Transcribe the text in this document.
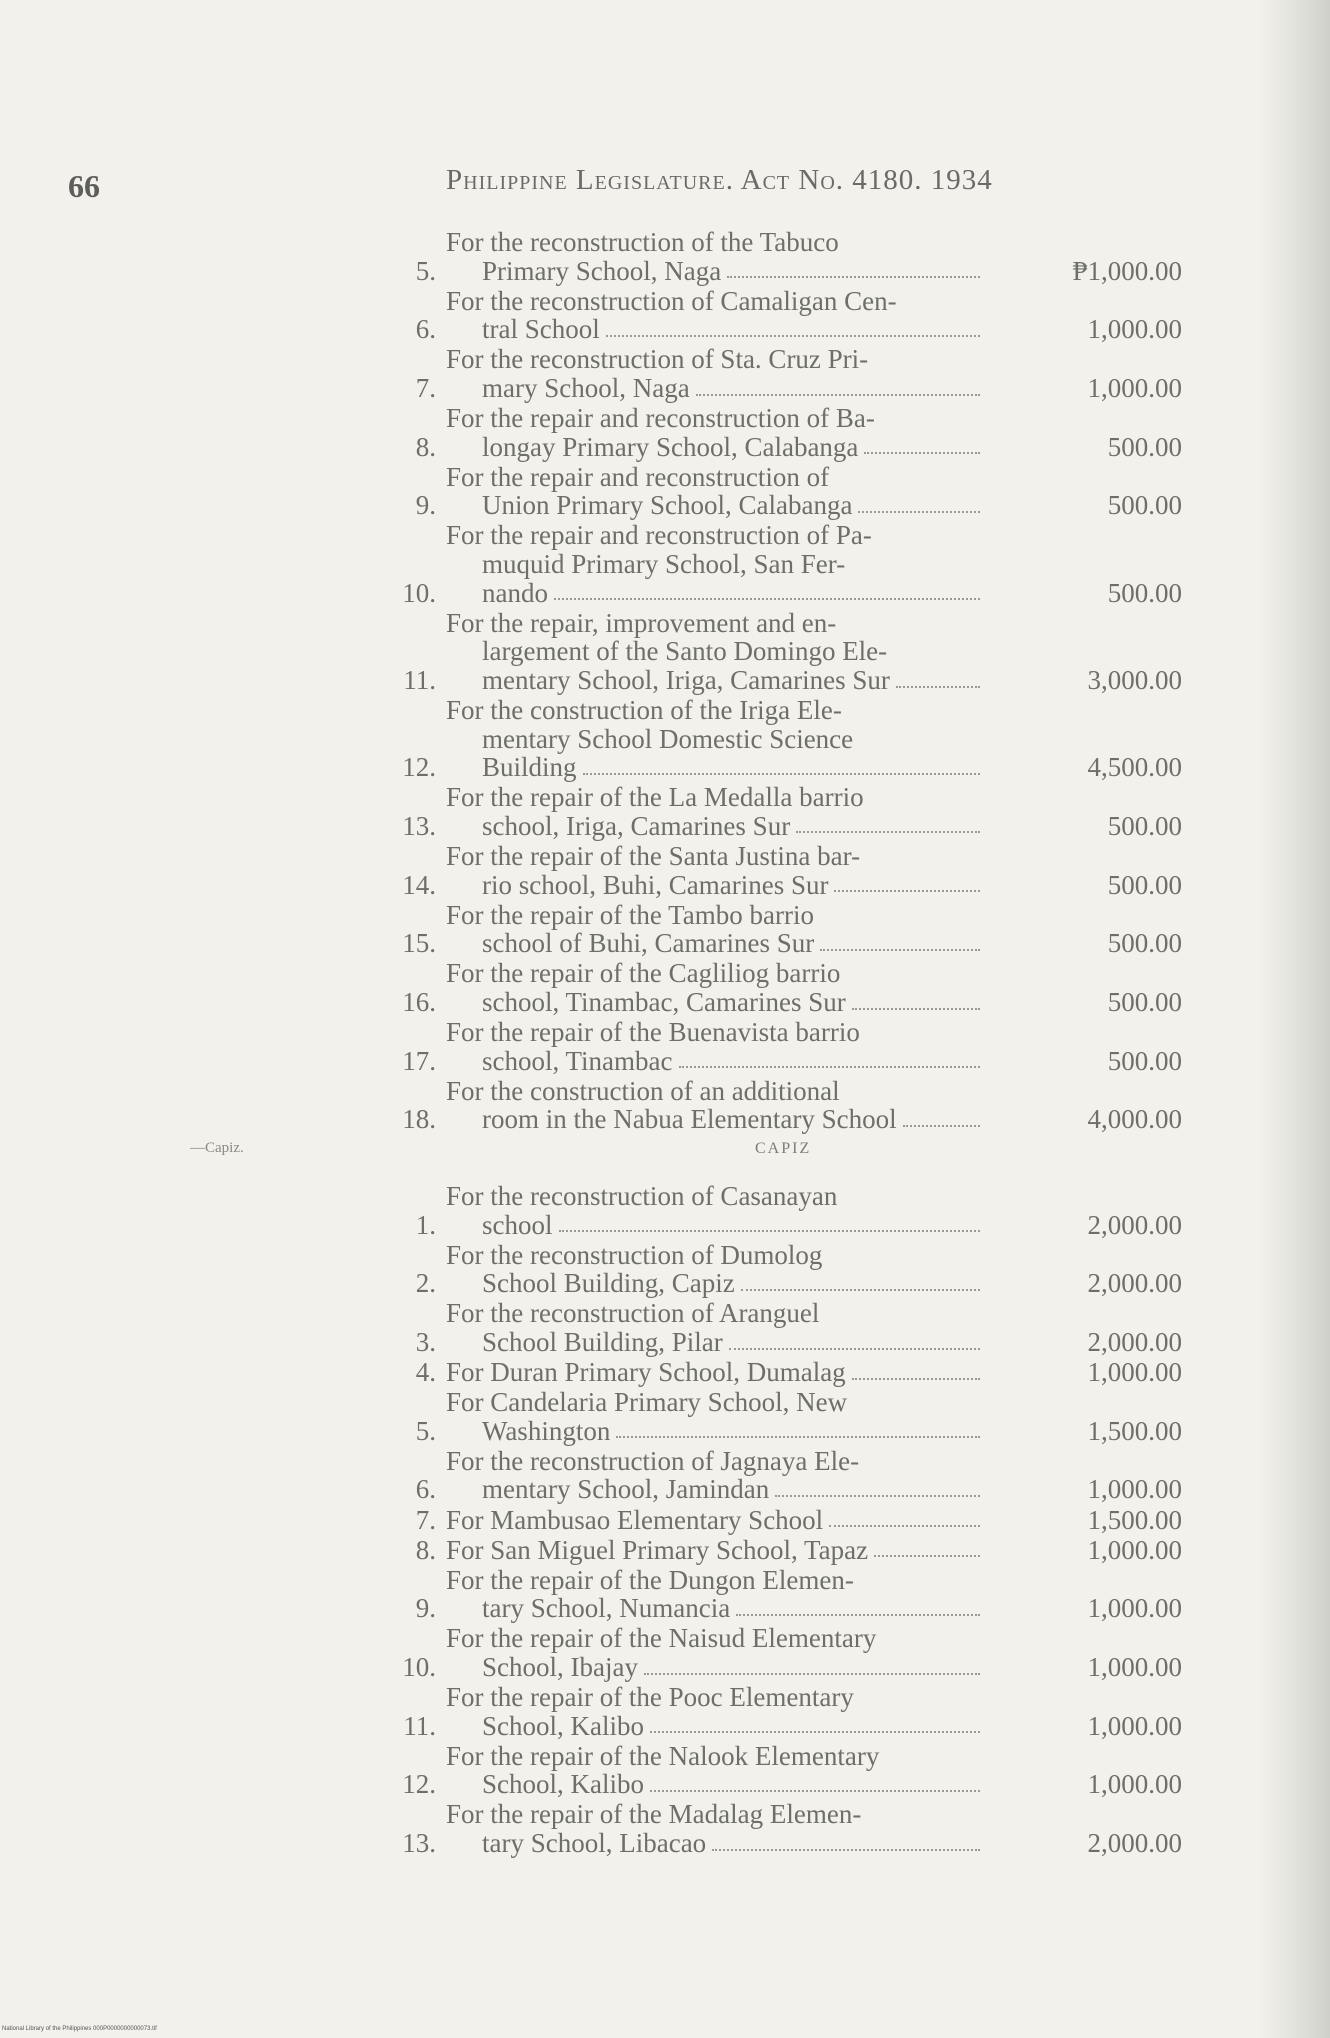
66	Philippine Legislature. Act No. 4180. 1934
5.
For the reconstruction of the Tabuco
Primary School, Naga	₱1,000.00
6.
For the reconstruction of Camaligan Cen-
tral School	1,000.00
7.
For the reconstruction of Sta. Cruz Pri-
mary School, Naga	1,000.00
8.
For the repair and reconstruction of Ba-
longay Primary School, Calabanga	500.00
9.
For the repair and reconstruction of
Union Primary School, Calabanga	500.00
10.
For the repair and reconstruction of Pa-
muquid Primary School, San Fer-
nando	500.00
11.
For the repair, improvement and en-
largement of the Santo Domingo Ele-
mentary School, Iriga, Camarines Sur	3,000.00
12.
For the construction of the Iriga Ele-
mentary School Domestic Science
Building	4,500.00
13.
For the repair of the La Medalla barrio
school, Iriga, Camarines Sur	500.00
14.
For the repair of the Santa Justina bar-
rio school, Buhi, Camarines Sur	500.00
15.
For the repair of the Tambo barrio
school of Buhi, Camarines Sur	500.00
16.
For the repair of the Cagliliog barrio
school, Tinambac, Camarines Sur	500.00
17.
For the repair of the Buenavista barrio
school, Tinambac	500.00
18.
For the construction of an additional
room in the Nabua Elementary School	4,000.00
—Capiz.	CAPIZ
1.
For the reconstruction of Casanayan
school	2,000.00
2.
For the reconstruction of Dumolog
School Building, Capiz	2,000.00
3.
For the reconstruction of Aranguel
School Building, Pilar	2,000.00
4. For Duran Primary School, Dumalag	1,000.00
5.
For Candelaria Primary School, New
Washington	1,500.00
6.
For the reconstruction of Jagnaya Ele-
mentary School, Jamindan	1,000.00
7. For Mambusao Elementary School	1,500.00
8. For San Miguel Primary School, Tapaz	1,000.00
9.
For the repair of the Dungon Elemen-
tary School, Numancia	1,000.00
10.
For the repair of the Naisud Elementary
School, Ibajay	1,000.00
11.
For the repair of the Pooc Elementary
School, Kalibo	1,000.00
12.
For the repair of the Nalook Elementary
School, Kalibo	1,000.00
13.
For the repair of the Madalag Elemen-
tary School, Libacao	2,000.00
National Library of the Philippines 000P0000000000073.tif
